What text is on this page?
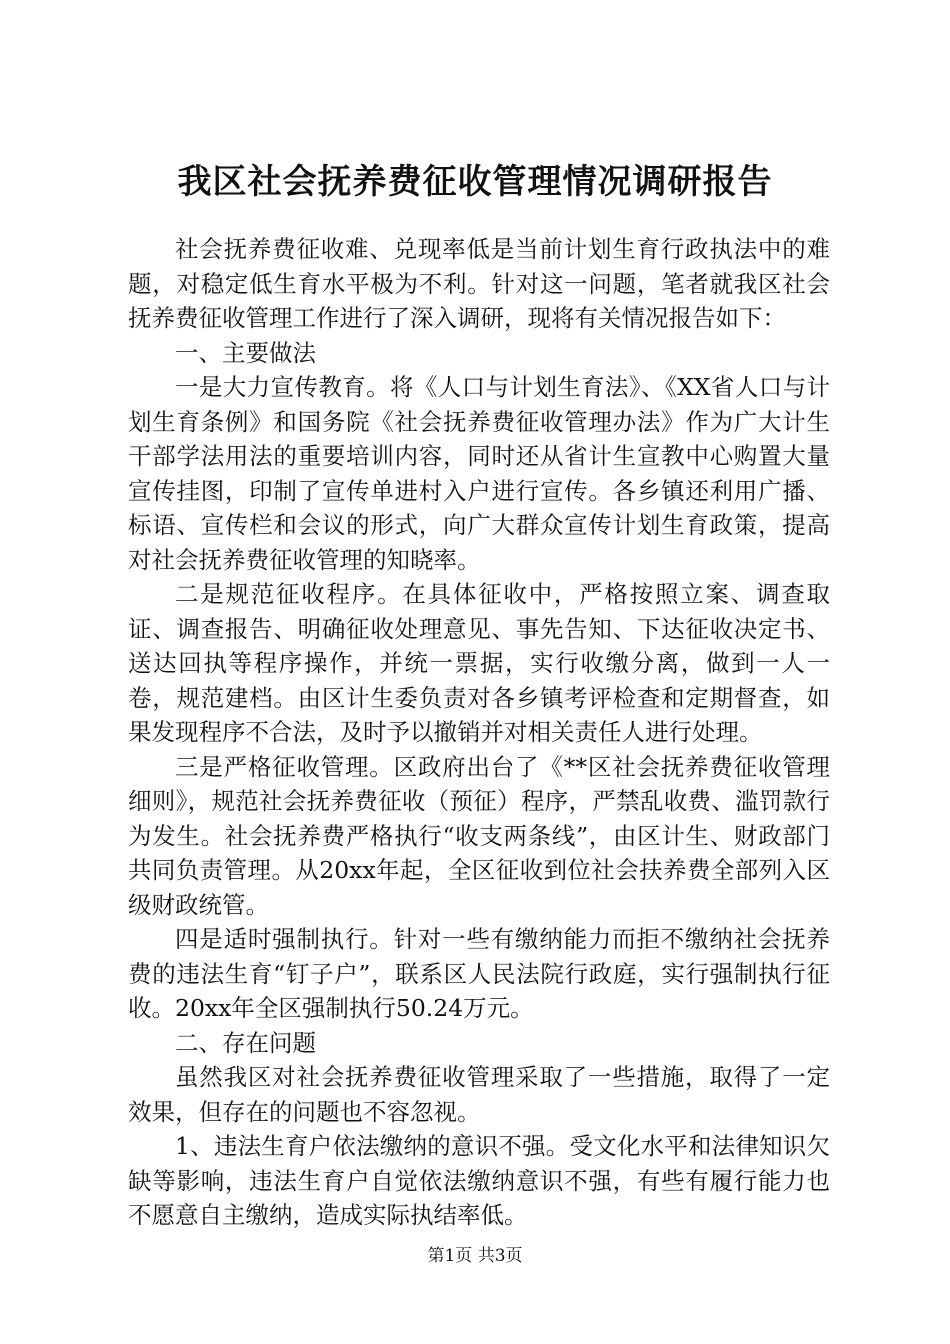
我区社会抚养费征收管理情况调研报告

社会抚养费征收难、兑现率低是当前计划生育行政执法中的难题，对稳定低生育水平极为不利。针对这一问题，笔者就我区社会抚养费征收管理工作进行了深入调研，现将有关情况报告如下：

一、主要做法

一是大力宣传教育。将《人口与计划生育法》、《XX省人口与计划生育条例》和国务院《社会抚养费征收管理办法》作为广大计生干部学法用法的重要培训内容，同时还从省计生宣教中心购置大量宣传挂图，印制了宣传单进村入户进行宣传。各乡镇还利用广播、标语、宣传栏和会议的形式，向广大群众宣传计划生育政策，提高对社会抚养费征收管理的知晓率。

二是规范征收程序。在具体征收中，严格按照立案、调查取证、调查报告、明确征收处理意见、事先告知、下达征收决定书、送达回执等程序操作，并统一票据，实行收缴分离，做到一人一卷，规范建档。由区计生委负责对各乡镇考评检查和定期督查，如果发现程序不合法，及时予以撤销并对相关责任人进行处理。

三是严格征收管理。区政府出台了《**区社会抚养费征收管理细则》，规范社会抚养费征收（预征）程序，严禁乱收费、滥罚款行为发生。社会抚养费严格执行“收支两条线”，由区计生、财政部门共同负责管理。从20xx年起，全区征收到位社会扶养费全部列入区级财政统管。

四是适时强制执行。针对一些有缴纳能力而拒不缴纳社会抚养费的违法生育“钉子户”，联系区人民法院行政庭，实行强制执行征收。20xx年全区强制执行50.24万元。

二、存在问题

虽然我区对社会抚养费征收管理采取了一些措施，取得了一定效果，但存在的问题也不容忽视。

1、违法生育户依法缴纳的意识不强。受文化水平和法律知识欠缺等影响，违法生育户自觉依法缴纳意识不强，有些有履行能力也不愿意自主缴纳，造成实际执结率低。

第1页 共3页
